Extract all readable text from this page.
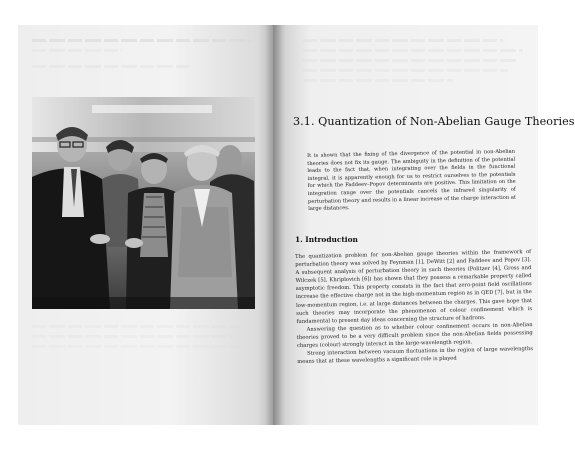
3.1. Quantization of Non-Abelian Gauge Theories
It is shown that the fixing of the divergence of the potential in non-Abelian theories does not fix its gauge. The ambiguity in the definition of the potential leads to the fact that, when integrating over the fields in the functional integral, it is apparently enough for us to restrict ourselves to the potentials for which the Faddeev–Popov determinants are positive. This limitation on the integration range over the potentials cancels the infrared singularity of perturbation theory and results in a linear increase of the charge interaction at large distances.
1. Introduction

The quantization problem for non-Abelian gauge theories within the framework of perturbation theory was solved by Feynman [1], DeWitt [2] and Faddeev and Popov [3]. A subsequent analysis of perturbation theory in such theories (Politzer [4], Gross and Wilczek [5], Khriplovich [6]) has shown that they possess a remarkable property called asymptotic freedom. This property consists in the fact that zero-point field oscillations increase the effective charge not in the high-momentum region as in QED [7], but in the low-momentum region, i.e. at large distances between the charges. This gave hope that such theories may incorporate the phenomenon of colour confinement which is fundamental to present day ideas concerning the structure of hadrons.

Answering the question as to whether colour confinement occurs in non-Abelian theories proved to be a very difficult problem since the non-Abelian fields possessing charges (colour) strongly interact in the large-wavelength region.

Strong interaction between vacuum fluctuations in the region of large wavelengths means that at these wavelengths a significant role is played
